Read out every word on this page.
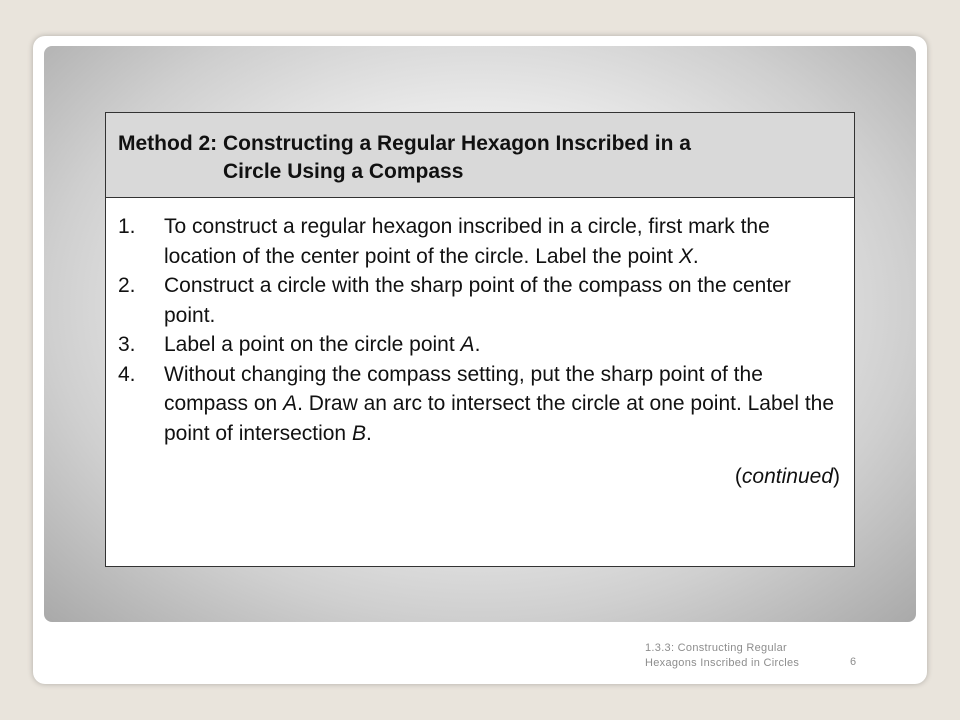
Method 2: Constructing a Regular Hexagon Inscribed in a
Circle Using a Compass

1.	To construct a regular hexagon inscribed in a circle, first mark the location of the center point of the circle. Label the point X.
2.	Construct a circle with the sharp point of the compass on the center point.
3.	Label a point on the circle point A.
4.	Without changing the compass setting, put the sharp point of the compass on A. Draw an arc to intersect the circle at one point. Label the point of intersection B.
(continued)
1.3.3: Constructing Regular
Hexagons Inscribed in Circles	6
